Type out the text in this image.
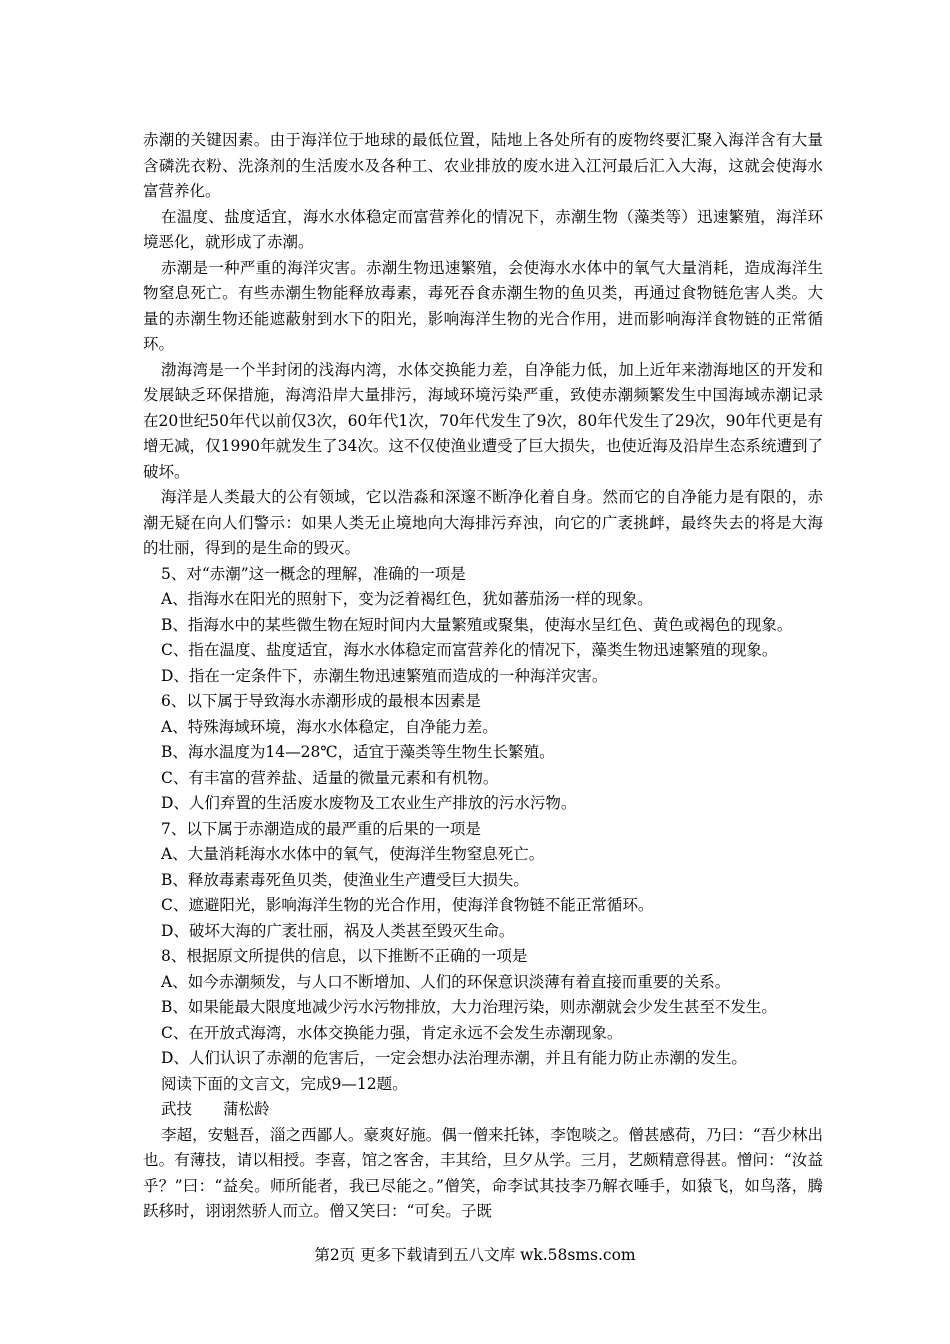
赤潮的关键因素。由于海洋位于地球的最低位置，陆地上各处所有的废物终要汇聚入海洋含有大量含磷洗衣粉、洗涤剂的生活废水及各种工、农业排放的废水进入江河最后汇入大海，这就会使海水富营养化。

在温度、盐度适宜，海水水体稳定而富营养化的情况下，赤潮生物（藻类等）迅速繁殖，海洋环境恶化，就形成了赤潮。

赤潮是一种严重的海洋灾害。赤潮生物迅速繁殖，会使海水水体中的氧气大量消耗，造成海洋生物窒息死亡。有些赤潮生物能释放毒素，毒死吞食赤潮生物的鱼贝类，再通过食物链危害人类。大量的赤潮生物还能遮蔽射到水下的阳光，影响海洋生物的光合作用，进而影响海洋食物链的正常循环。

渤海湾是一个半封闭的浅海内湾，水体交换能力差，自净能力低，加上近年来渤海地区的开发和发展缺乏环保措施，海湾沿岸大量排污，海域环境污染严重，致使赤潮频繁发生中国海域赤潮记录在20世纪50年代以前仅3次，60年代1次，70年代发生了9次，80年代发生了29次，90年代更是有增无减，仅1990年就发生了34次。这不仅使渔业遭受了巨大损失，也使近海及沿岸生态系统遭到了破坏。

海洋是人类最大的公有领域，它以浩淼和深邃不断净化着自身。然而它的自净能力是有限的，赤潮无疑在向人们警示：如果人类无止境地向大海排污弃浊，向它的广袤挑衅，最终失去的将是大海的壮丽，得到的是生命的毁灭。

5、对“赤潮”这一概念的理解，准确的一项是

A、指海水在阳光的照射下，变为泛着褐红色，犹如蕃茄汤一样的现象。

B、指海水中的某些微生物在短时间内大量繁殖或聚集，使海水呈红色、黄色或褐色的现象。

C、指在温度、盐度适宜，海水水体稳定而富营养化的情况下，藻类生物迅速繁殖的现象。

D、指在一定条件下，赤潮生物迅速繁殖而造成的一种海洋灾害。

6、以下属于导致海水赤潮形成的最根本因素是

A、特殊海域环境，海水水体稳定，自净能力差。

B、海水温度为14—28℃，适宜于藻类等生物生长繁殖。

C、有丰富的营养盐、适量的微量元素和有机物。

D、人们弃置的生活废水废物及工农业生产排放的污水污物。

7、以下属于赤潮造成的最严重的后果的一项是

A、大量消耗海水水体中的氧气，使海洋生物窒息死亡。

B、释放毒素毒死鱼贝类，使渔业生产遭受巨大损失。

C、遮避阳光，影响海洋生物的光合作用，使海洋食物链不能正常循环。

D、破坏大海的广袤壮丽，祸及人类甚至毁灭生命。

8、根据原文所提供的信息，以下推断不正确的一项是

A、如今赤潮频发，与人口不断增加、人们的环保意识淡薄有着直接而重要的关系。

B、如果能最大限度地减少污水污物排放，大力治理污染，则赤潮就会少发生甚至不发生。

C、在开放式海湾，水体交换能力强，肯定永远不会发生赤潮现象。

D、人们认识了赤潮的危害后，一定会想办法治理赤潮，并且有能力防止赤潮的发生。

阅读下面的文言文，完成9—12题。

武技　　蒲松龄

李超，安魁吾，淄之西鄙人。豪爽好施。偶一僧来托钵，李饱啖之。僧甚感荷，乃曰：“吾少林出也。有薄技，请以相授。李喜，馆之客舍，丰其给，旦夕从学。三月，艺颇精意得甚。憎问：“汝益乎？”曰：“益矣。师所能者，我已尽能之。”僧笑，命李试其技李乃解衣唾手，如猿飞，如鸟落，腾跃移时，诩诩然骄人而立。僧又笑曰：“可矣。子既

第2页 更多下载请到五八文库 wk.58sms.com
